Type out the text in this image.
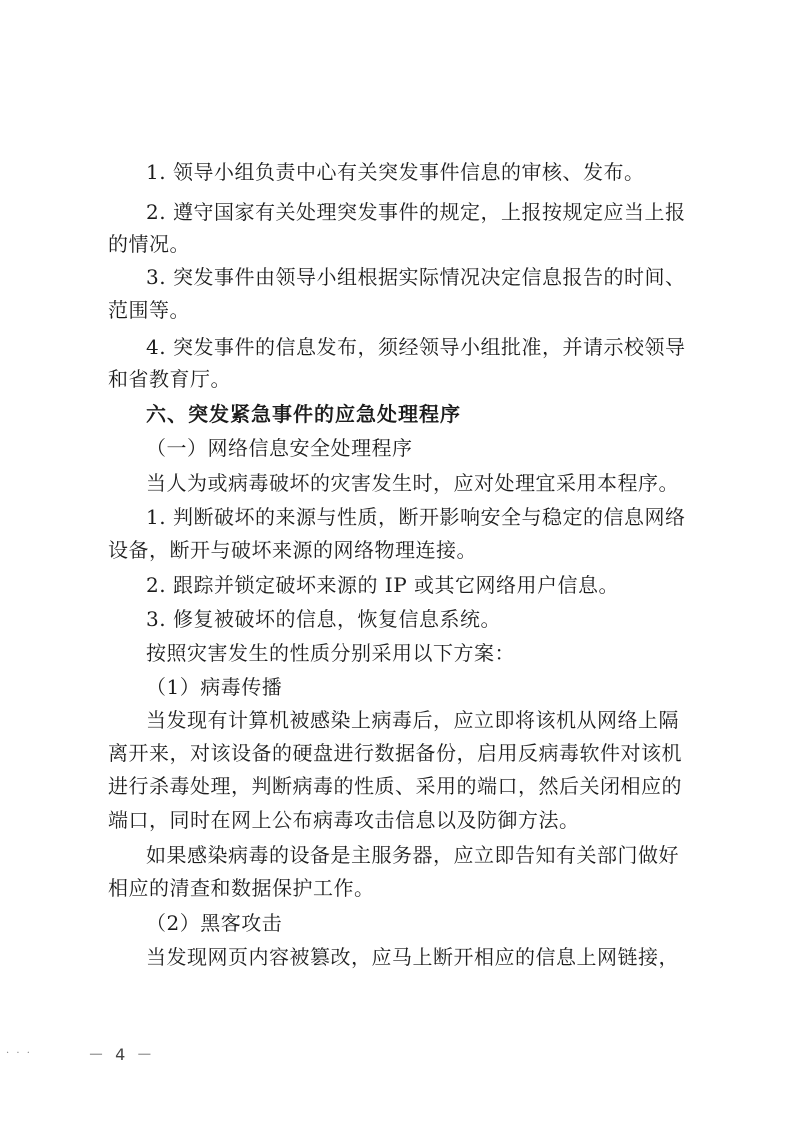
1. 领导小组负责中心有关突发事件信息的审核、发布。
2. 遵守国家有关处理突发事件的规定，上报按规定应当上报
的情况。
3. 突发事件由领导小组根据实际情况决定信息报告的时间、
范围等。
4. 突发事件的信息发布，须经领导小组批准，并请示校领导
和省教育厅。
六、突发紧急事件的应急处理程序
（一）网络信息安全处理程序
当人为或病毒破坏的灾害发生时，应对处理宜采用本程序。
1. 判断破坏的来源与性质，断开影响安全与稳定的信息网络
设备，断开与破坏来源的网络物理连接。
2. 跟踪并锁定破坏来源的 IP 或其它网络用户信息。
3. 修复被破坏的信息，恢复信息系统。
按照灾害发生的性质分别采用以下方案：
（1）病毒传播
当发现有计算机被感染上病毒后，应立即将该机从网络上隔
离开来，对该设备的硬盘进行数据备份，启用反病毒软件对该机
进行杀毒处理，判断病毒的性质、采用的端口，然后关闭相应的
端口，同时在网上公布病毒攻击信息以及防御方法。
如果感染病毒的设备是主服务器，应立即告知有关部门做好
相应的清查和数据保护工作。
（2）黑客攻击
当发现网页内容被篡改，应马上断开相应的信息上网链接，
· · ·	－ 4 －
